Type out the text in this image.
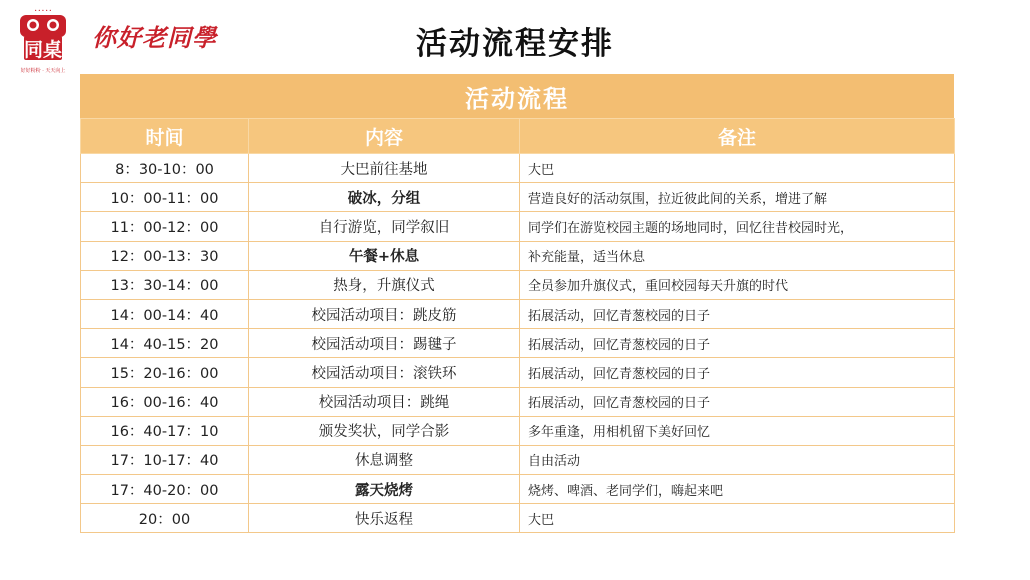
• • • • •
同桌
好好粉粉 · 天天向上
你好老同學	活动流程安排
活动流程
时间	内容	备注
8：30-10：00	大巴前往基地	大巴
10：00-11：00	破冰，分组	营造良好的活动氛围，拉近彼此间的关系，增进了解
11：00-12：00	自行游览，同学叙旧	同学们在游览校园主题的场地同时，回忆往昔校园时光，
12：00-13：30	午餐+休息	补充能量，适当休息
13：30-14：00	热身，升旗仪式	全员参加升旗仪式，重回校园每天升旗的时代
14：00-14：40	校园活动项目：跳皮筋	拓展活动，回忆青葱校园的日子
14：40-15：20	校园活动项目：踢毽子	拓展活动，回忆青葱校园的日子
15：20-16：00	校园活动项目：滚铁环	拓展活动，回忆青葱校园的日子
16：00-16：40	校园活动项目：跳绳	拓展活动，回忆青葱校园的日子
16：40-17：10	颁发奖状，同学合影	多年重逢，用相机留下美好回忆
17：10-17：40	休息调整	自由活动
17：40-20：00	露天烧烤	烧烤、啤酒、老同学们，嗨起来吧
20：00	快乐返程	大巴
